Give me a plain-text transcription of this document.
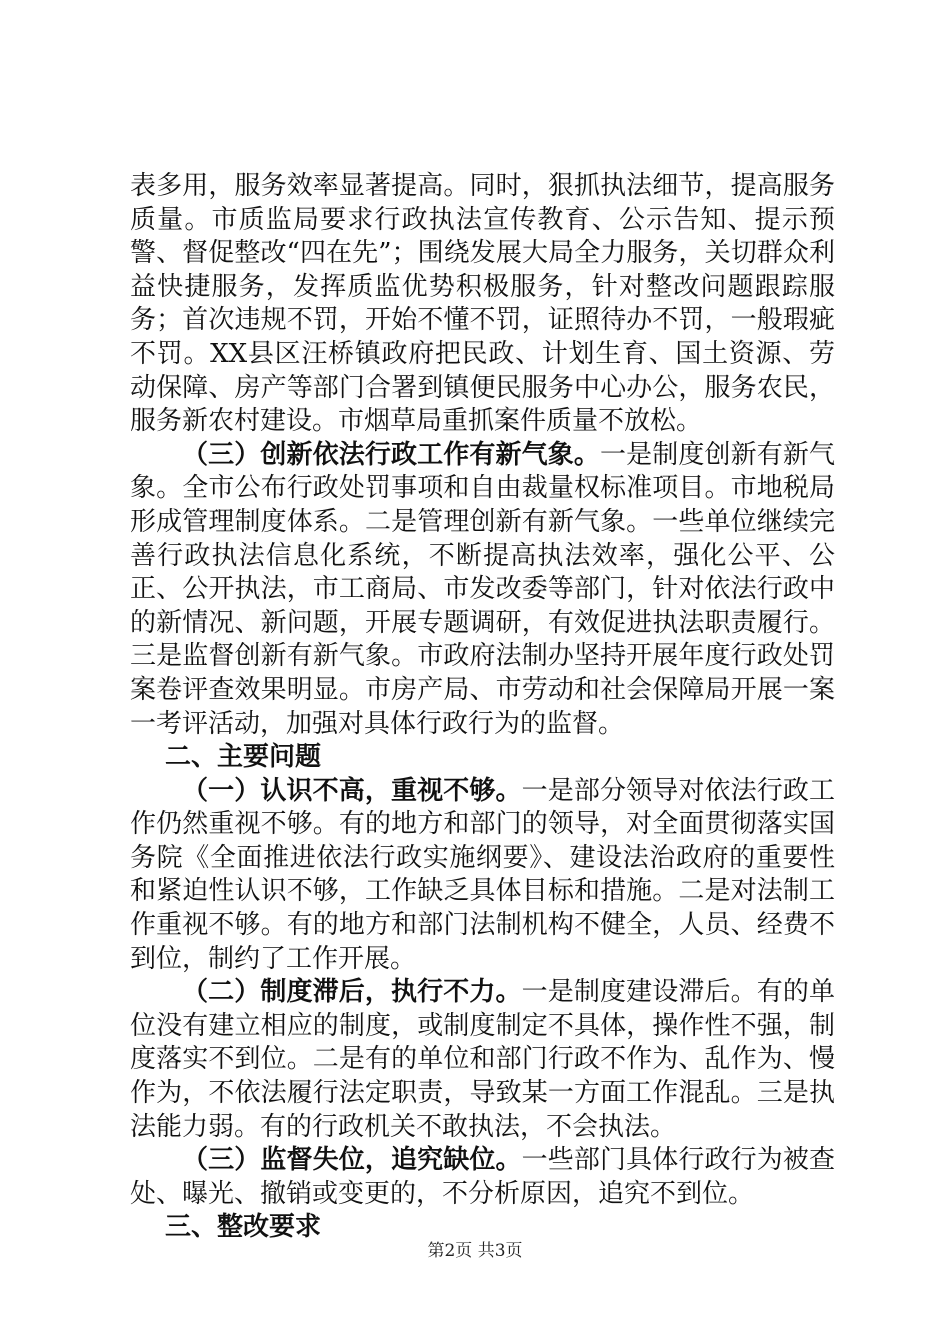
表多用，服务效率显著提高。同时，狠抓执法细节，提高服务质量。市质监局要求行政执法宣传教育、公示告知、提示预警、督促整改“四在先”；围绕发展大局全力服务，关切群众利益快捷服务，发挥质监优势积极服务，针对整改问题跟踪服务；首次违规不罚，开始不懂不罚，证照待办不罚，一般瑕疵不罚。XX县区汪桥镇政府把民政、计划生育、国土资源、劳动保障、房产等部门合署到镇便民服务中心办公，服务农民，服务新农村建设。市烟草局重抓案件质量不放松。

（三）创新依法行政工作有新气象。一是制度创新有新气象。全市公布行政处罚事项和自由裁量权标准项目。市地税局形成管理制度体系。二是管理创新有新气象。一些单位继续完善行政执法信息化系统，不断提高执法效率，强化公平、公正、公开执法，市工商局、市发改委等部门，针对依法行政中的新情况、新问题，开展专题调研，有效促进执法职责履行。三是监督创新有新气象。市政府法制办坚持开展年度行政处罚案卷评查效果明显。市房产局、市劳动和社会保障局开展一案一考评活动，加强对具体行政行为的监督。

二、主要问题

（一）认识不高，重视不够。一是部分领导对依法行政工作仍然重视不够。有的地方和部门的领导，对全面贯彻落实国务院《全面推进依法行政实施纲要》、建设法治政府的重要性和紧迫性认识不够，工作缺乏具体目标和措施。二是对法制工作重视不够。有的地方和部门法制机构不健全，人员、经费不到位，制约了工作开展。

（二）制度滞后，执行不力。一是制度建设滞后。有的单位没有建立相应的制度，或制度制定不具体，操作性不强，制度落实不到位。二是有的单位和部门行政不作为、乱作为、慢作为，不依法履行法定职责，导致某一方面工作混乱。三是执法能力弱。有的行政机关不敢执法，不会执法。

（三）监督失位，追究缺位。一些部门具体行政行为被查处、曝光、撤销或变更的，不分析原因，追究不到位。

三、整改要求

第2页 共3页
